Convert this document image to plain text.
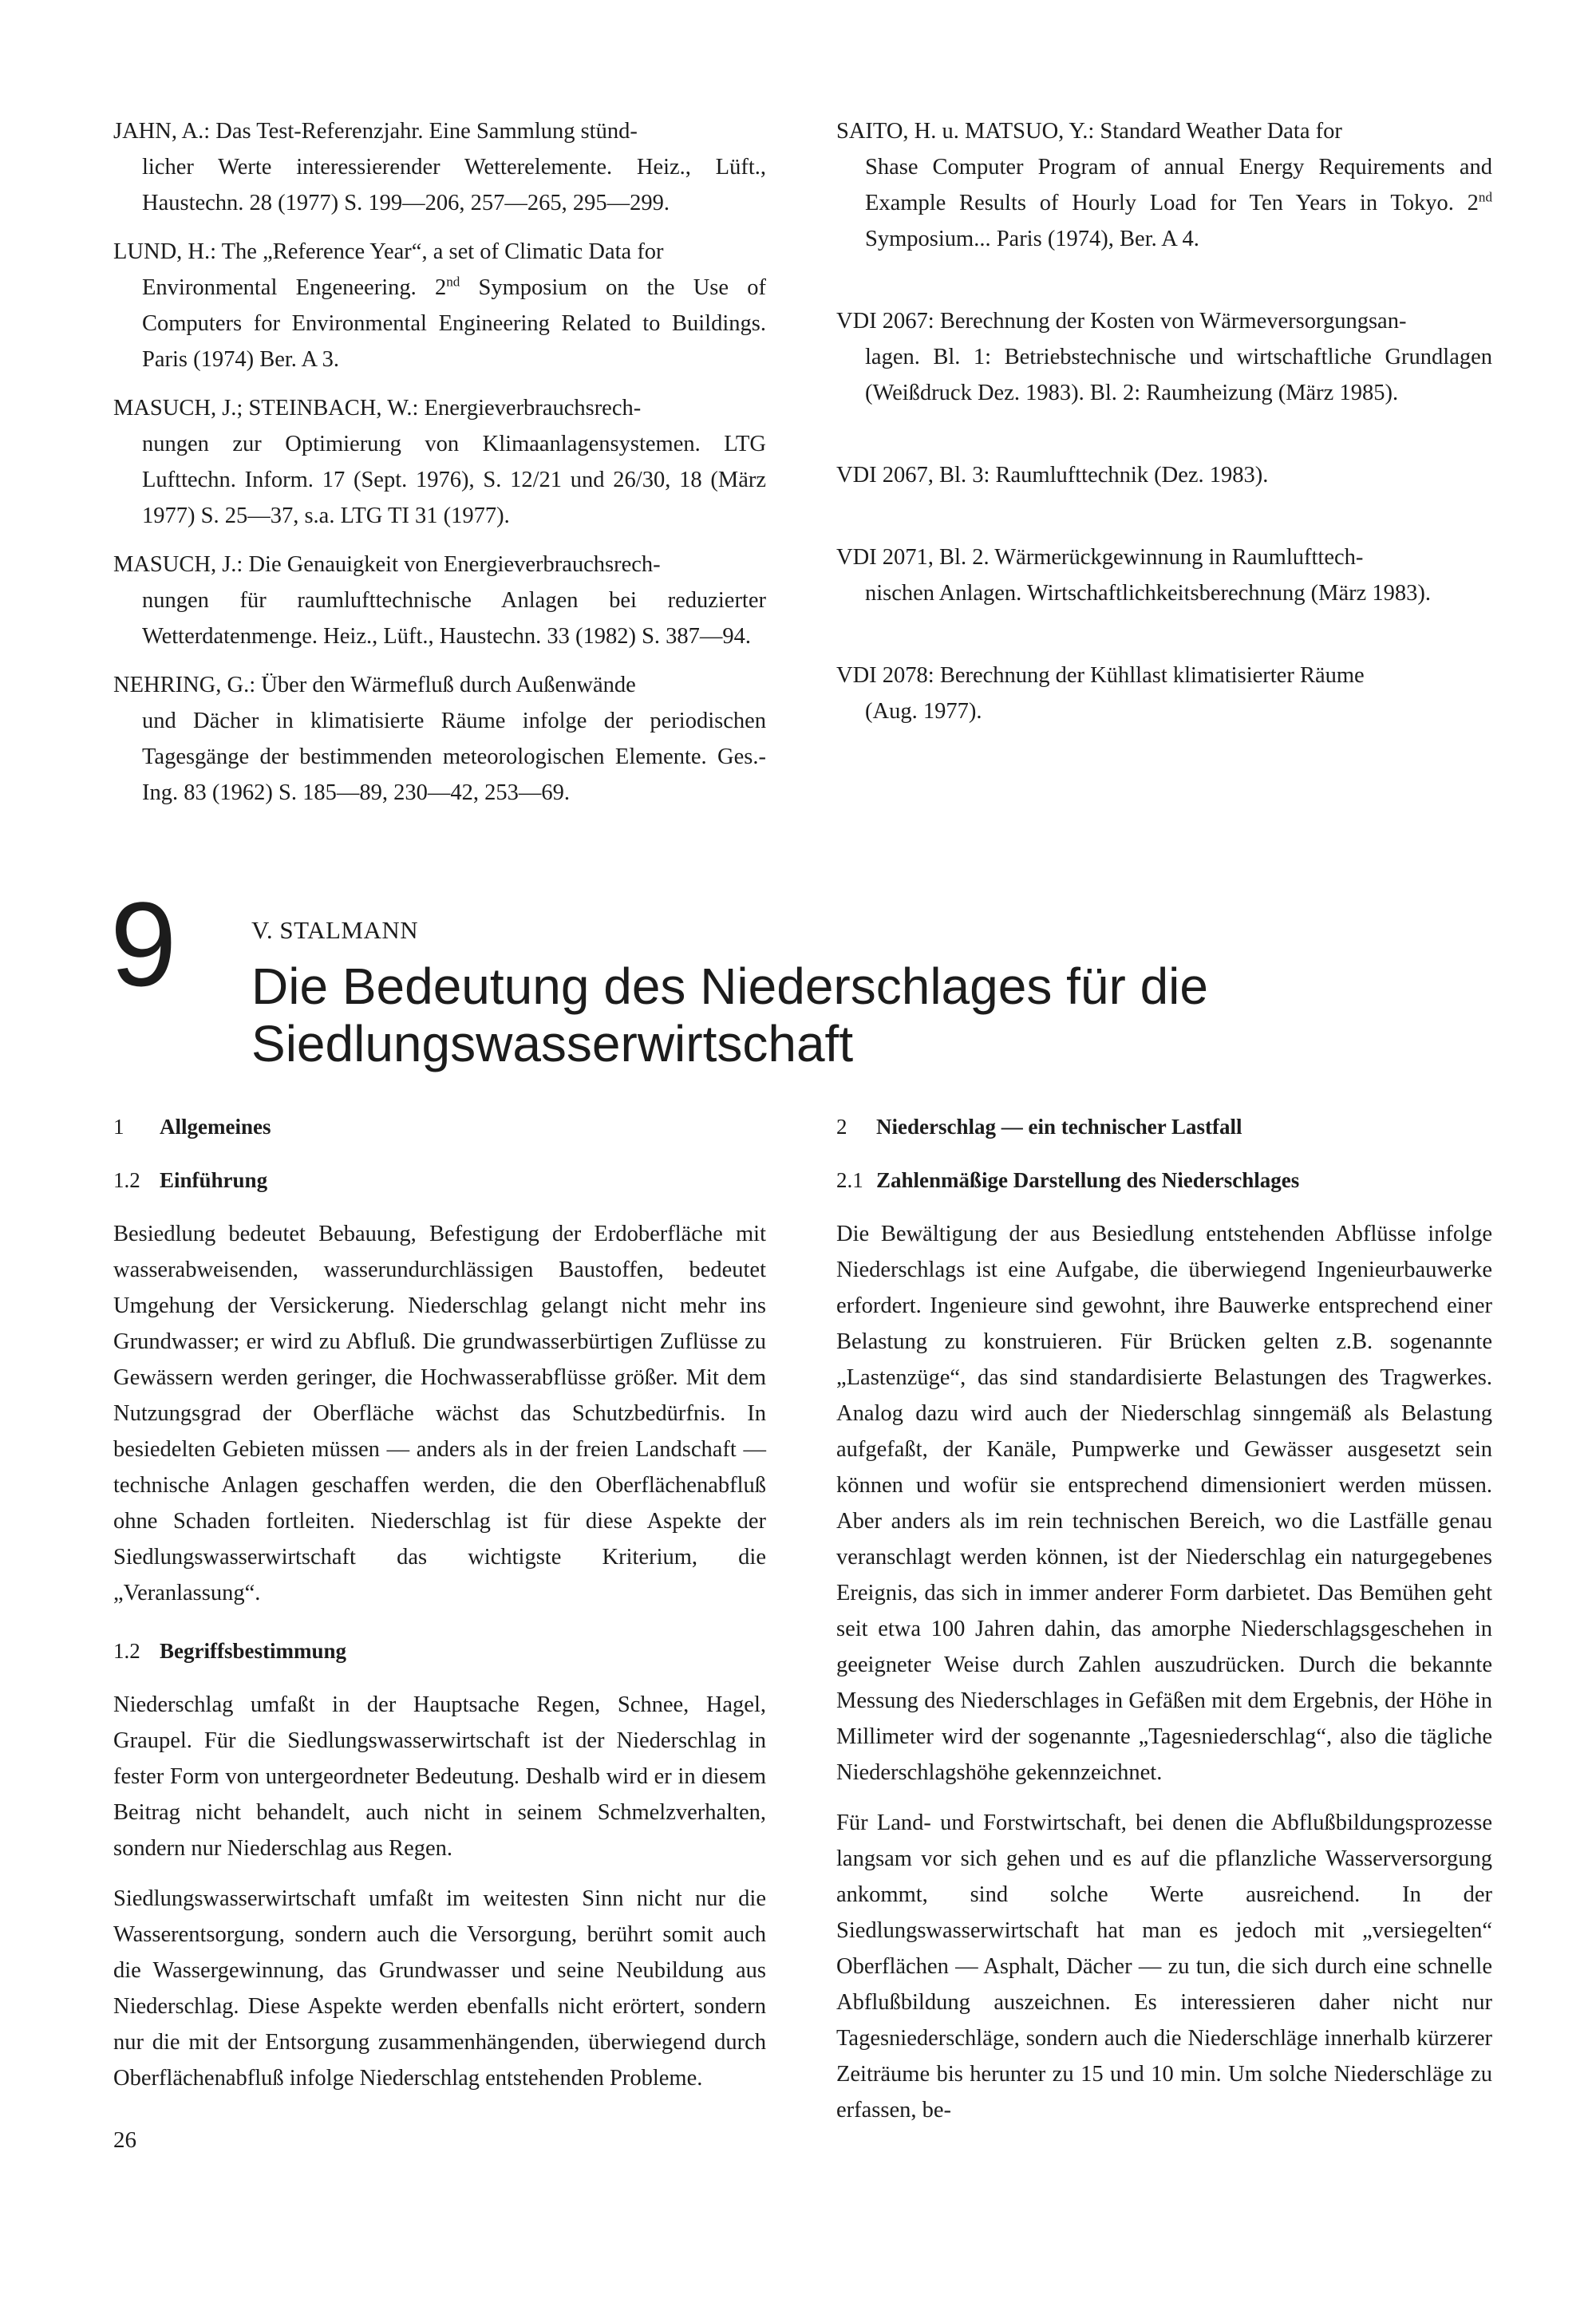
JAHN, A.: Das Test-Referenzjahr. Eine Sammlung stünd-
licher Werte interessierender Wetterelemente. Heiz., Lüft., Haustechn. 28 (1977) S. 199—206, 257—265, 295—299.

LUND, H.: The „Reference Year“, a set of Climatic Data for
Environmental Engeneering. 2nd Symposium on the Use of Computers for Environmental Engineering Related to Buildings. Paris (1974) Ber. A 3.

MASUCH, J.; STEINBACH, W.: Energieverbrauchsrech-
nungen zur Optimierung von Klimaanlagensystemen. LTG Lufttechn. Inform. 17 (Sept. 1976), S. 12/21 und 26/30, 18 (März 1977) S. 25—37, s.a. LTG TI 31 (1977).

MASUCH, J.: Die Genauigkeit von Energieverbrauchsrech-
nungen für raumlufttechnische Anlagen bei reduzierter Wetterdatenmenge. Heiz., Lüft., Haustechn. 33 (1982) S. 387—94.

NEHRING, G.: Über den Wärmefluß durch Außenwände
und Dächer in klimatisierte Räume infolge der periodischen Tagesgänge der bestimmenden meteorologischen Elemente. Ges.-Ing. 83 (1962) S. 185—89, 230—42, 253—69.

SAITO, H. u. MATSUO, Y.: Standard Weather Data for
Shase Computer Program of annual Energy Requirements and Example Results of Hourly Load for Ten Years in Tokyo. 2nd Symposium... Paris (1974), Ber. A 4.

VDI 2067: Berechnung der Kosten von Wärmeversorgungsan-
lagen. Bl. 1: Betriebstechnische und wirtschaftliche Grundlagen (Weißdruck Dez. 1983). Bl. 2: Raumheizung (März 1985).

VDI 2067, Bl. 3: Raumlufttechnik (Dez. 1983).

VDI 2071, Bl. 2. Wärmerückgewinnung in Raumlufttech-
nischen Anlagen. Wirtschaftlichkeitsberechnung (März 1983).

VDI 2078: Berechnung der Kühllast klimatisierter Räume
(Aug. 1977).

9	V. STALMANN
Die Bedeutung des Niederschlages für die
Siedlungswasserwirtschaft
1 Allgemeines
1.2 Einführung

Besiedlung bedeutet Bebauung, Befestigung der Erdoberfläche mit wasserabweisenden, wasserundurchlässigen Baustoffen, bedeutet Umgehung der Versickerung. Niederschlag gelangt nicht mehr ins Grundwasser; er wird zu Abfluß. Die grundwasserbürtigen Zuflüsse zu Gewässern werden geringer, die Hochwasserabflüsse größer. Mit dem Nutzungsgrad der Oberfläche wächst das Schutzbedürfnis. In besiedelten Gebieten müssen — anders als in der freien Landschaft — technische Anlagen geschaffen werden, die den Oberflächenabfluß ohne Schaden fortleiten. Niederschlag ist für diese Aspekte der Siedlungswasserwirtschaft das wichtigste Kriterium, die „Veranlassung“.

1.2 Begriffsbestimmung

Niederschlag umfaßt in der Hauptsache Regen, Schnee, Hagel, Graupel. Für die Siedlungswasserwirtschaft ist der Niederschlag in fester Form von untergeordneter Bedeutung. Deshalb wird er in diesem Beitrag nicht behandelt, auch nicht in seinem Schmelzverhalten, sondern nur Niederschlag aus Regen.

Siedlungswasserwirtschaft umfaßt im weitesten Sinn nicht nur die Wasserentsorgung, sondern auch die Versorgung, berührt somit auch die Wassergewinnung, das Grundwasser und seine Neubildung aus Niederschlag. Diese Aspekte werden ebenfalls nicht erörtert, sondern nur die mit der Entsorgung zusammenhängenden, überwiegend durch Oberflächenabfluß infolge Niederschlag entstehenden Probleme.

2 Niederschlag — ein technischer Lastfall
2.1 Zahlenmäßige Darstellung des Niederschlages

Die Bewältigung der aus Besiedlung entstehenden Abflüsse infolge Niederschlags ist eine Aufgabe, die überwiegend Ingenieurbauwerke erfordert. Ingenieure sind gewohnt, ihre Bauwerke entsprechend einer Belastung zu konstruieren. Für Brücken gelten z.B. sogenannte „Lastenzüge“, das sind standardisierte Belastungen des Tragwerkes. Analog dazu wird auch der Niederschlag sinngemäß als Belastung aufgefaßt, der Kanäle, Pumpwerke und Gewässer ausgesetzt sein können und wofür sie entsprechend dimensioniert werden müssen. Aber anders als im rein technischen Bereich, wo die Lastfälle genau veranschlagt werden können, ist der Niederschlag ein naturgegebenes Ereignis, das sich in immer anderer Form darbietet. Das Bemühen geht seit etwa 100 Jahren dahin, das amorphe Niederschlagsgeschehen in geeigneter Weise durch Zahlen auszudrücken. Durch die bekannte Messung des Niederschlages in Gefäßen mit dem Ergebnis, der Höhe in Millimeter wird der sogenannte „Tagesniederschlag“, also die tägliche Niederschlagshöhe gekennzeichnet.

Für Land- und Forstwirtschaft, bei denen die Abflußbildungsprozesse langsam vor sich gehen und es auf die pflanzliche Wasserversorgung ankommt, sind solche Werte ausreichend. In der Siedlungswasserwirtschaft hat man es jedoch mit „versiegelten“ Oberflächen — Asphalt, Dächer — zu tun, die sich durch eine schnelle Abflußbildung auszeichnen. Es interessieren daher nicht nur Tagesniederschläge, sondern auch die Niederschläge innerhalb kürzerer Zeiträume bis herunter zu 15 und 10 min. Um solche Niederschläge zu erfassen, be-

26
